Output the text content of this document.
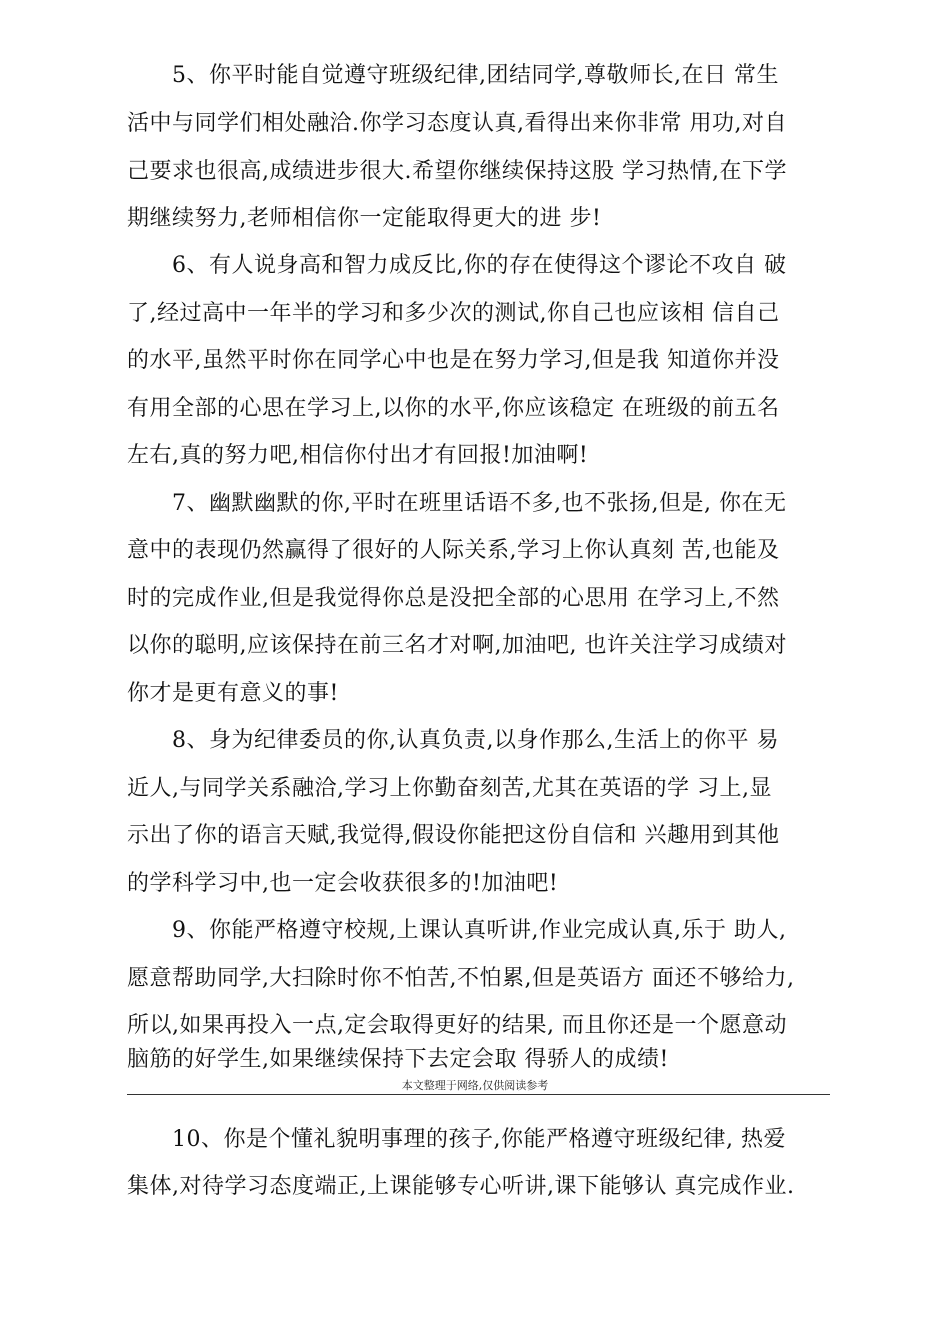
5、你平时能自觉遵守班级纪律,团结同学,尊敬师长,在日 常生
活中与同学们相处融洽.你学习态度认真,看得出来你非常 用功,对自
己要求也很高,成绩进步很大.希望你继续保持这股 学习热情,在下学
期继续努力,老师相信你一定能取得更大的进 步!
6、有人说身高和智力成反比,你的存在使得这个谬论不攻自 破
了,经过高中一年半的学习和多少次的测试,你自己也应该相 信自己
的水平,虽然平时你在同学心中也是在努力学习,但是我 知道你并没
有用全部的心思在学习上,以你的水平,你应该稳定 在班级的前五名
左右,真的努力吧,相信你付出才有回报!加油啊!
7、幽默幽默的你,平时在班里话语不多,也不张扬,但是, 你在无
意中的表现仍然赢得了很好的人际关系,学习上你认真刻 苦,也能及
时的完成作业,但是我觉得你总是没把全部的心思用 在学习上,不然
以你的聪明,应该保持在前三名才对啊,加油吧, 也许关注学习成绩对
你才是更有意义的事!
8、身为纪律委员的你,认真负责,以身作那么,生活上的你平 易
近人,与同学关系融洽,学习上你勤奋刻苦,尤其在英语的学 习上,显
示出了你的语言天赋,我觉得,假设你能把这份自信和 兴趣用到其他
的学科学习中,也一定会收获很多的!加油吧!
9、你能严格遵守校规,上课认真听讲,作业完成认真,乐于 助人,
愿意帮助同学,大扫除时你不怕苦,不怕累,但是英语方 面还不够给力,
所以,如果再投入一点,定会取得更好的结果, 而且你还是一个愿意动
脑筋的好学生,如果继续保持下去定会取 得骄人的成绩!
本文整理于网络,仅供阅读参考
10、你是个懂礼貌明事理的孩子,你能严格遵守班级纪律, 热爱
集体,对待学习态度端正,上课能够专心听讲,课下能够认 真完成作业.
